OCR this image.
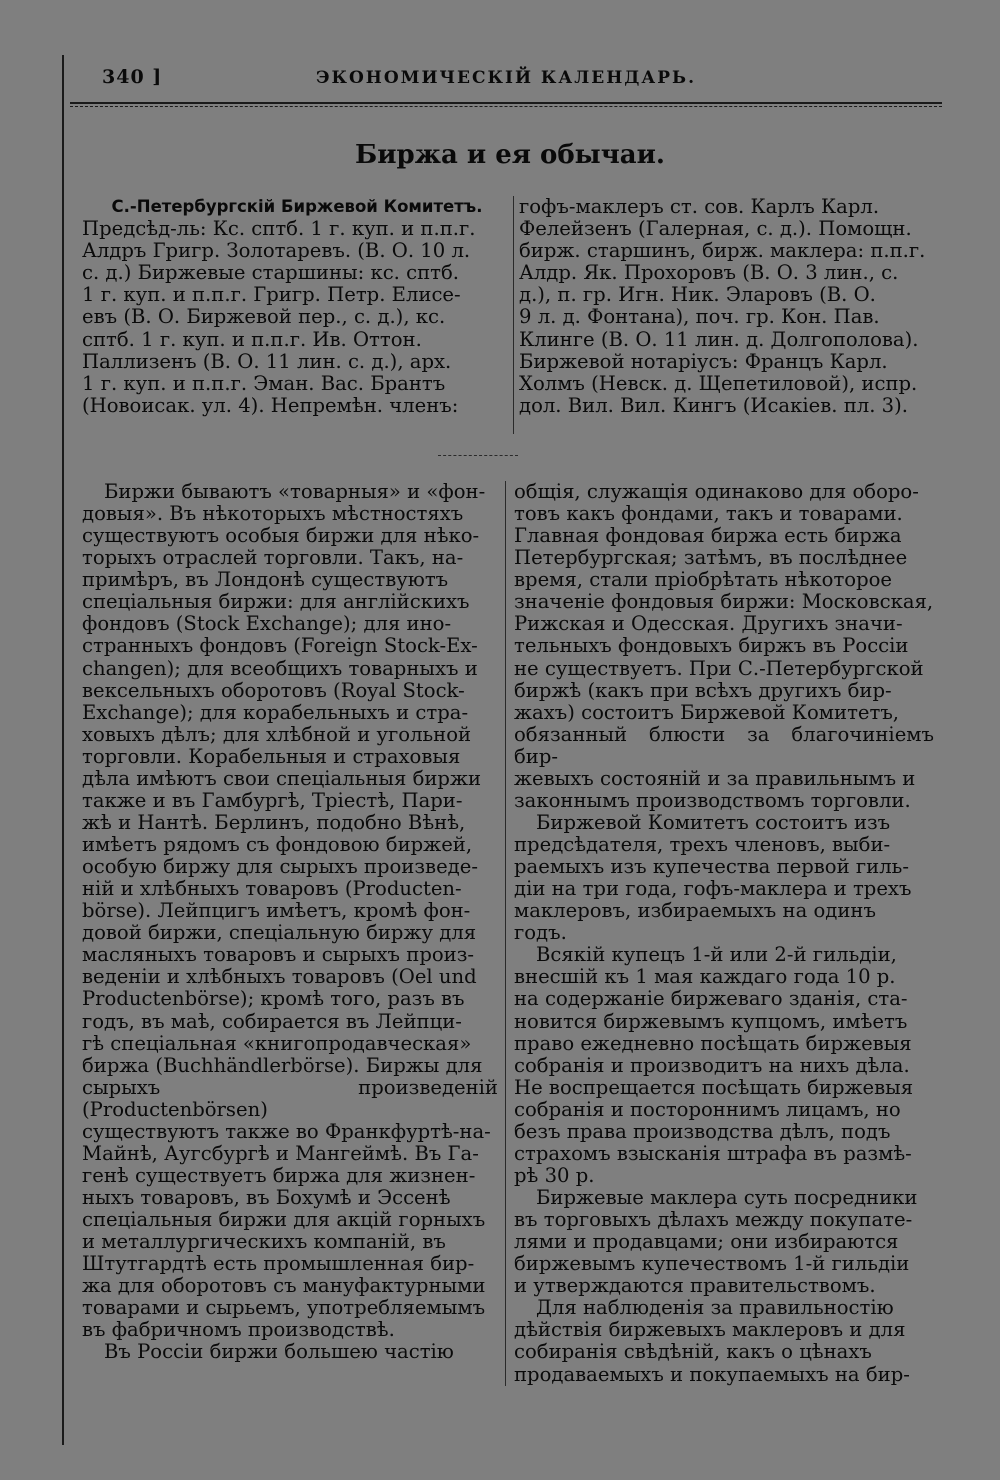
340 ]	ЭКОНОМИЧЕСКІЙ КАЛЕНДАРЬ.
Биржа и ея обычаи.

С.-Петербургскій Биржевой Комитетъ.

Предсѣд-ль: Кс. сптб. 1 г. куп. и п.п.г.

Алдръ Григр. Золотаревъ. (В. О. 10 л.

с. д.) Биржевые старшины: кс. сптб.

1 г. куп. и п.п.г. Григр. Петр. Елисе-

евъ (В. О. Биржевой пер., с. д.), кс.

сптб. 1 г. куп. и п.п.г. Ив. Оттон.

Паллизенъ (В. О. 11 лин. с. д.), арх.

1 г. куп. и п.п.г. Эман. Вас. Брантъ

(Новоисак. ул. 4). Непремѣн. членъ:

гофъ-маклеръ ст. сов. Карлъ Карл.

Фелейзенъ (Галерная, с. д.). Помощн.

бирж. старшинъ, бирж. маклера: п.п.г.

Алдр. Як. Прохоровъ (В. О. 3 лин., с.

д.), п. гр. Игн. Ник. Эларовъ (В. О.

9 л. д. Фонтана), поч. гр. Кон. Пав.

Клинге (В. О. 11 лин. д. Долгополова).

Биржевой нотаріусъ: Францъ Карл.

Холмъ (Невск. д. Щепетиловой), испр.

дол. Вил. Вил. Кингъ (Исакіев. пл. 3).

Биржи бываютъ «товарныя» и «фон-

довыя». Въ нѣкоторыхъ мѣстностяхъ

существуютъ особыя биржи для нѣко-

торыхъ отраслей торговли. Такъ, на-

примѣръ, въ Лондонѣ существуютъ

спеціальныя биржи: для англійскихъ

фондовъ (Stock Exchange); для ино-

странныхъ фондовъ (Foreign Stock-Ex-

changen); для всеобщихъ товарныхъ и

вексельныхъ оборотовъ (Royal Stock-

Exchange); для корабельныхъ и стра-

ховыхъ дѣлъ; для хлѣбной и угольной

торговли. Корабельныя и страховыя

дѣла имѣютъ свои спеціальныя биржи

также и въ Гамбургѣ, Тріестѣ, Пари-

жѣ и Нантѣ. Берлинъ, подобно Вѣнѣ,

имѣетъ рядомъ съ фондовою биржей,

особую биржу для сырыхъ произведе-

ній и хлѣбныхъ товаровъ (Producten-

börse). Лейпцигъ имѣетъ, кромѣ фон-

довой биржи, спеціальную биржу для

масляныхъ товаровъ и сырыхъ произ-

веденіи и хлѣбныхъ товаровъ (Oel und

Productenbörse); кромѣ того, разъ въ

годъ, въ маѣ, собирается въ Лейпци-

гѣ спеціальная «книгопродавческая»

биржа (Buchhändlerbörse). Биржы для

сырыхъ произведеній (Productenbörsen)

существуютъ также во Франкфуртѣ-на-

Майнѣ, Аугсбургѣ и Мангеймѣ. Въ Га-

генѣ существуетъ биржа для жизнен-

ныхъ товаровъ, въ Бохумѣ и Эссенѣ

спеціальныя биржи для акцій горныхъ

и металлургическихъ компаній, въ

Штутгардтѣ есть промышленная бир-

жа для оборотовъ съ мануфактурными

товарами и сырьемъ, употребляемымъ

въ фабричномъ производствѣ.

Въ Россіи биржи большею частію

общія, служащія одинаково для оборо-

товъ какъ фондами, такъ и товарами.

Главная фондовая биржа есть биржа

Петербургская; затѣмъ, въ послѣднее

время, стали пріобрѣтать нѣкоторое

значеніе фондовыя биржи: Московская,

Рижская и Одесская. Другихъ значи-

тельныхъ фондовыхъ биржъ въ Россіи

не существуетъ. При С.-Петербургской

биржѣ (какъ при всѣхъ другихъ бир-

жахъ) состоитъ Биржевой Комитетъ,

обязанный блюсти за благочиніемъ бир-

жевыхъ состояній и за правильнымъ и

законнымъ производствомъ торговли.

Биржевой Комитетъ состоитъ изъ

предсѣдателя, трехъ членовъ, выби-

раемыхъ изъ купечества первой гиль-

діи на три года, гофъ-маклера и трехъ

маклеровъ, избираемыхъ на одинъ годъ.

Всякій купецъ 1-й или 2-й гильдіи,

внесшій къ 1 мая каждаго года 10 р.

на содержаніе биржеваго зданія, ста-

новится биржевымъ купцомъ, имѣетъ

право ежедневно посѣщать биржевыя

собранія и производитъ на нихъ дѣла.

Не воспрещается посѣщать биржевыя

собранія и постороннимъ лицамъ, но

безъ права производства дѣлъ, подъ

страхомъ взысканія штрафа въ размѣ-

рѣ 30 р.

Биржевые маклера суть посредники

въ торговыхъ дѣлахъ между покупате-

лями и продавцами; они избираются

биржевымъ купечествомъ 1-й гильдіи

и утверждаются правительствомъ.

Для наблюденія за правильностію

дѣйствія биржевыхъ маклеровъ и для

собиранія свѣдѣній, какъ о цѣнахъ

продаваемыхъ и покупаемыхъ на бир-
